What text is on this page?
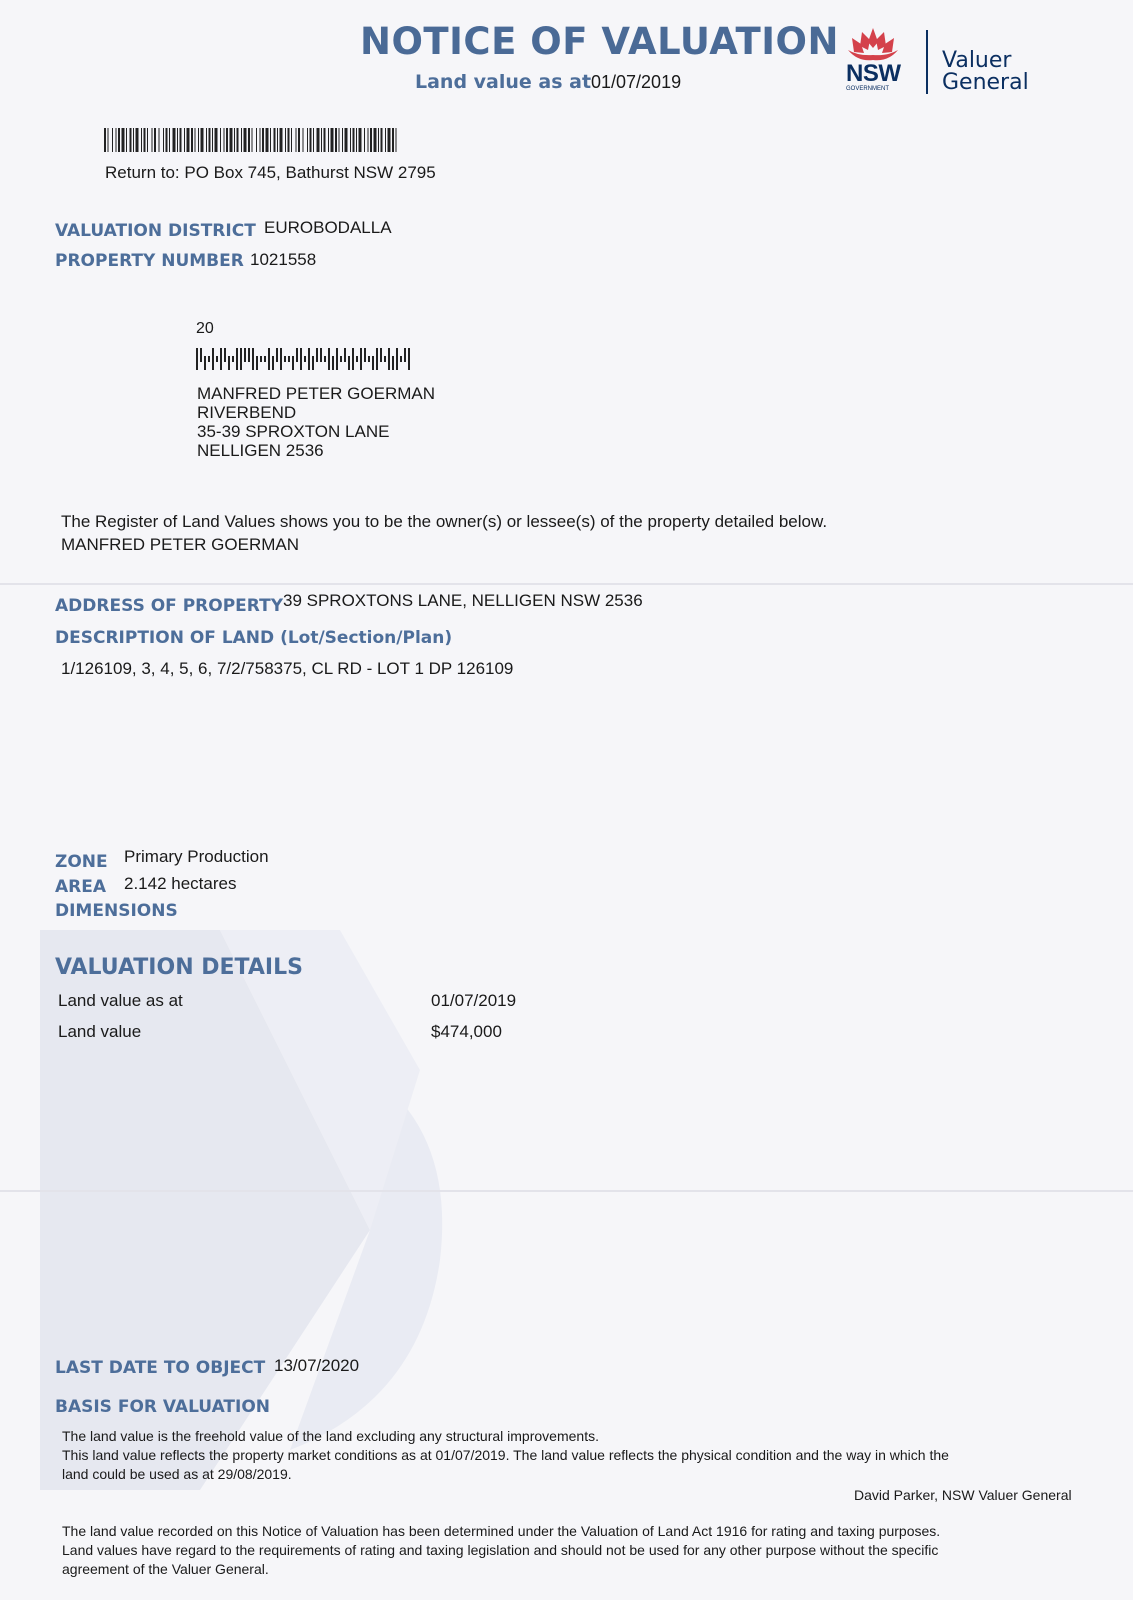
NOTICE OF VALUATION
Land value as at 01/07/2019	NSW
GOVERNMENT
Valuer
General
Return to: PO Box 745, Bathurst NSW 2795
VALUATION DISTRICT EUROBODALLA
PROPERTY NUMBER 1021558
20
MANFRED PETER GOERMAN
RIVERBEND
35-39 SPROXTON LANE
NELLIGEN 2536
The Register of Land Values shows you to be the owner(s) or lessee(s) of the property detailed below.
MANFRED PETER GOERMAN
ADDRESS OF PROPERTY 39 SPROXTONS LANE, NELLIGEN NSW 2536
DESCRIPTION OF LAND (Lot/Section/Plan)
1/126109, 3, 4, 5, 6, 7/2/758375, CL RD - LOT 1 DP 126109
ZONE Primary Production
AREA 2.142 hectares
DIMENSIONS
VALUATION DETAILS
Land value as at	01/07/2019
Land value	$474,000
LAST DATE TO OBJECT 13/07/2020
BASIS FOR VALUATION
The land value is the freehold value of the land excluding any structural improvements.
This land value reflects the property market conditions as at 01/07/2019. The land value reflects the physical condition and the way in which the
land could be used as at 29/08/2019.
David Parker, NSW Valuer General
The land value recorded on this Notice of Valuation has been determined under the Valuation of Land Act 1916 for rating and taxing purposes.
Land values have regard to the requirements of rating and taxing legislation and should not be used for any other purpose without the specific
agreement of the Valuer General.
